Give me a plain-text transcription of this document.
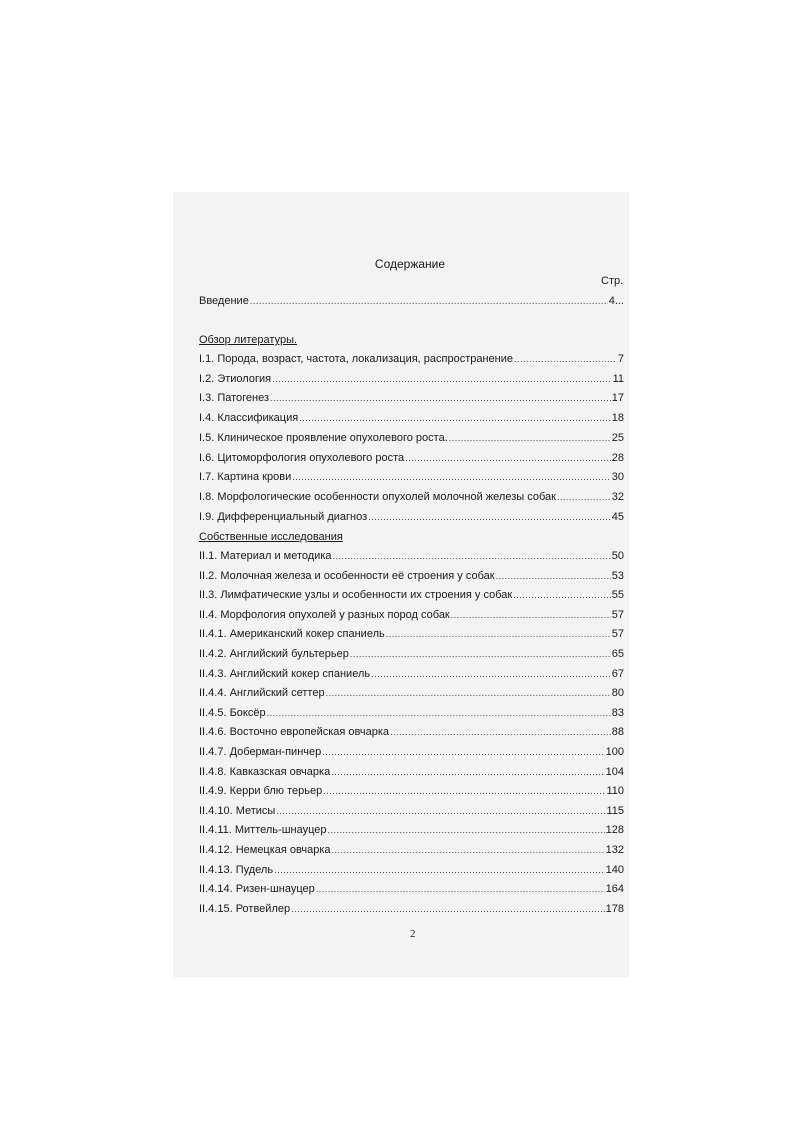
Содержание
Стр.
Введение .....	4...
Обзор литературы.
I.1. Порода, возраст, частота, локализация, распространение .....	7
I.2. Этиология .....	11
I.3. Патогенез .....	17
I.4. Классификация .....	18
I.5. Клиническое проявление опухолевого роста. .....	25
I.6. Цитоморфология опухолевого роста .....	28
I.7. Картина крови .....	30
I.8. Морфологические особенности опухолей молочной железы собак .....	32
I.9. Дифференциальный диагноз .....	45
Собственные исследования
II.1. Материал и методика .....	50
II.2. Молочная железа и особенности её строения у собак .....	53
II.3. Лимфатические узлы и особенности их строения у собак .....	55
II.4. Морфология опухолей у разных пород собак .....	57
II.4.1. Американский кокер спаниель .....	57
II.4.2. Английский бультерьер .....	65
II.4.3. Английский кокер спаниель .....	67
II.4.4. Английский сеттер .....	80
II.4.5. Боксёр .....	83
II.4.6. Восточно европейская овчарка .....	88
II.4.7. Доберман-пинчер .....	100
II.4.8. Кавказская овчарка .....	104
II.4.9. Керри блю терьер .....	110
II.4.10. Метисы .....	115
II.4.11. Миттель-шнауцер .....	128
II.4.12. Немецкая овчарка .....	132
II.4.13. Пудель .....	140
II.4.14. Ризен-шнауцер .....	164
II.4.15. Ротвейлер .....	178
2
